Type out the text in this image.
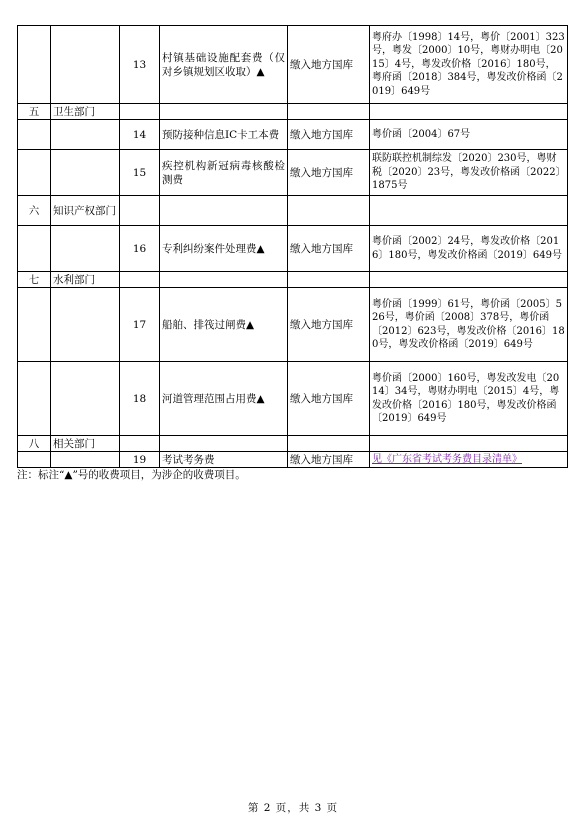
		13	村镇基础设施配套费（仅对乡镇规划区收取）▲	缴入地方国库	粤府办〔1998〕14号，粤价〔2001〕323号，粤发〔2000〕10号，粤财办明电〔2015〕4号，粤发改价格〔2016〕180号，粤府函〔2018〕384号，粤发改价格函〔2019〕649号
五	卫生部门				
		14	预防接种信息IC卡工本费	缴入地方国库	粤价函〔2004〕67号
		15	疾控机构新冠病毒核酸检测费	缴入地方国库	联防联控机制综发〔2020〕230号，粤财税〔2020〕23号，粤发改价格函〔2022〕1875号
六	知识产权部门				
		16	专利纠纷案件处理费▲	缴入地方国库	粤价函〔2002〕24号，粤发改价格〔2016〕180号，粤发改价格函〔2019〕649号
七	水利部门				
		17	船舶、排筏过闸费▲	缴入地方国库	粤价函〔1999〕61号，粤价函〔2005〕526号，粤价函〔2008〕378号，粤价函〔2012〕623号，粤发改价格〔2016〕180号，粤发改价格函〔2019〕649号
		18	河道管理范围占用费▲	缴入地方国库	粤价函〔2000〕160号，粤发改发电〔2014〕34号，粤财办明电〔2015〕4号，粤发改价格〔2016〕180号，粤发改价格函〔2019〕649号
八	相关部门				
		19	考试考务费	缴入地方国库	见《广东省考试考务费目录清单》
注：标注“▲”号的收费项目，为涉企的收费项目。
第 2 页，共 3 页
